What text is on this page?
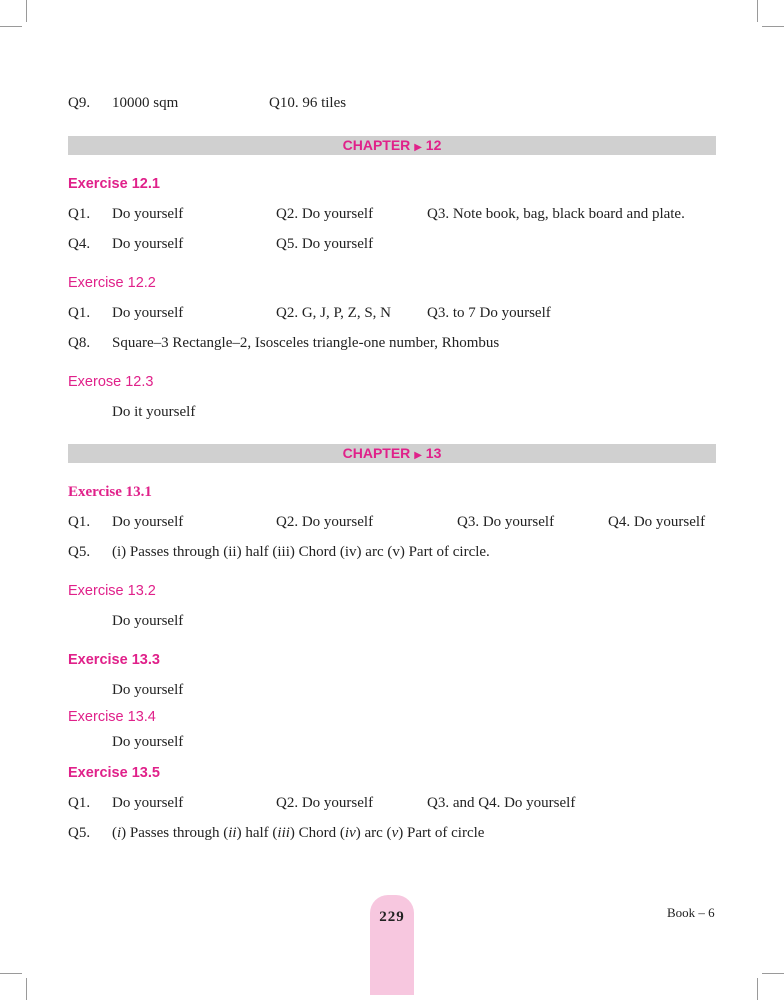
Q9. 10000 sqm	Q10. 96 tiles
CHAPTER ▶ 12
Exercise 12.1
Q1. Do yourself	Q2. Do yourself	Q3. Note book, bag, black board and plate.
Q4. Do yourself	Q5. Do yourself
Exercise 12.2
Q1. Do yourself	Q2. G, J, P, Z, S, N Q3. to 7 Do yourself
Q8. Square–3 Rectangle–2, Isosceles triangle-one number, Rhombus
Exerose 12.3
Do it yourself
CHAPTER ▶ 13
Exercise 13.1
Q1. Do yourself	Q2. Do yourself	Q3. Do yourself	Q4. Do yourself
Q5. (i) Passes through (ii) half (iii) Chord (iv) arc (v) Part of circle.
Exercise 13.2
Do yourself
Exercise 13.3
Do yourself
Exercise 13.4
Do yourself
Exercise 13.5
Q1. Do yourself	Q2. Do yourself	Q3. and Q4. Do yourself
Q5. (i) Passes through (ii) half (iii) Chord (iv) arc (v) Part of circle
229	Book – 6
